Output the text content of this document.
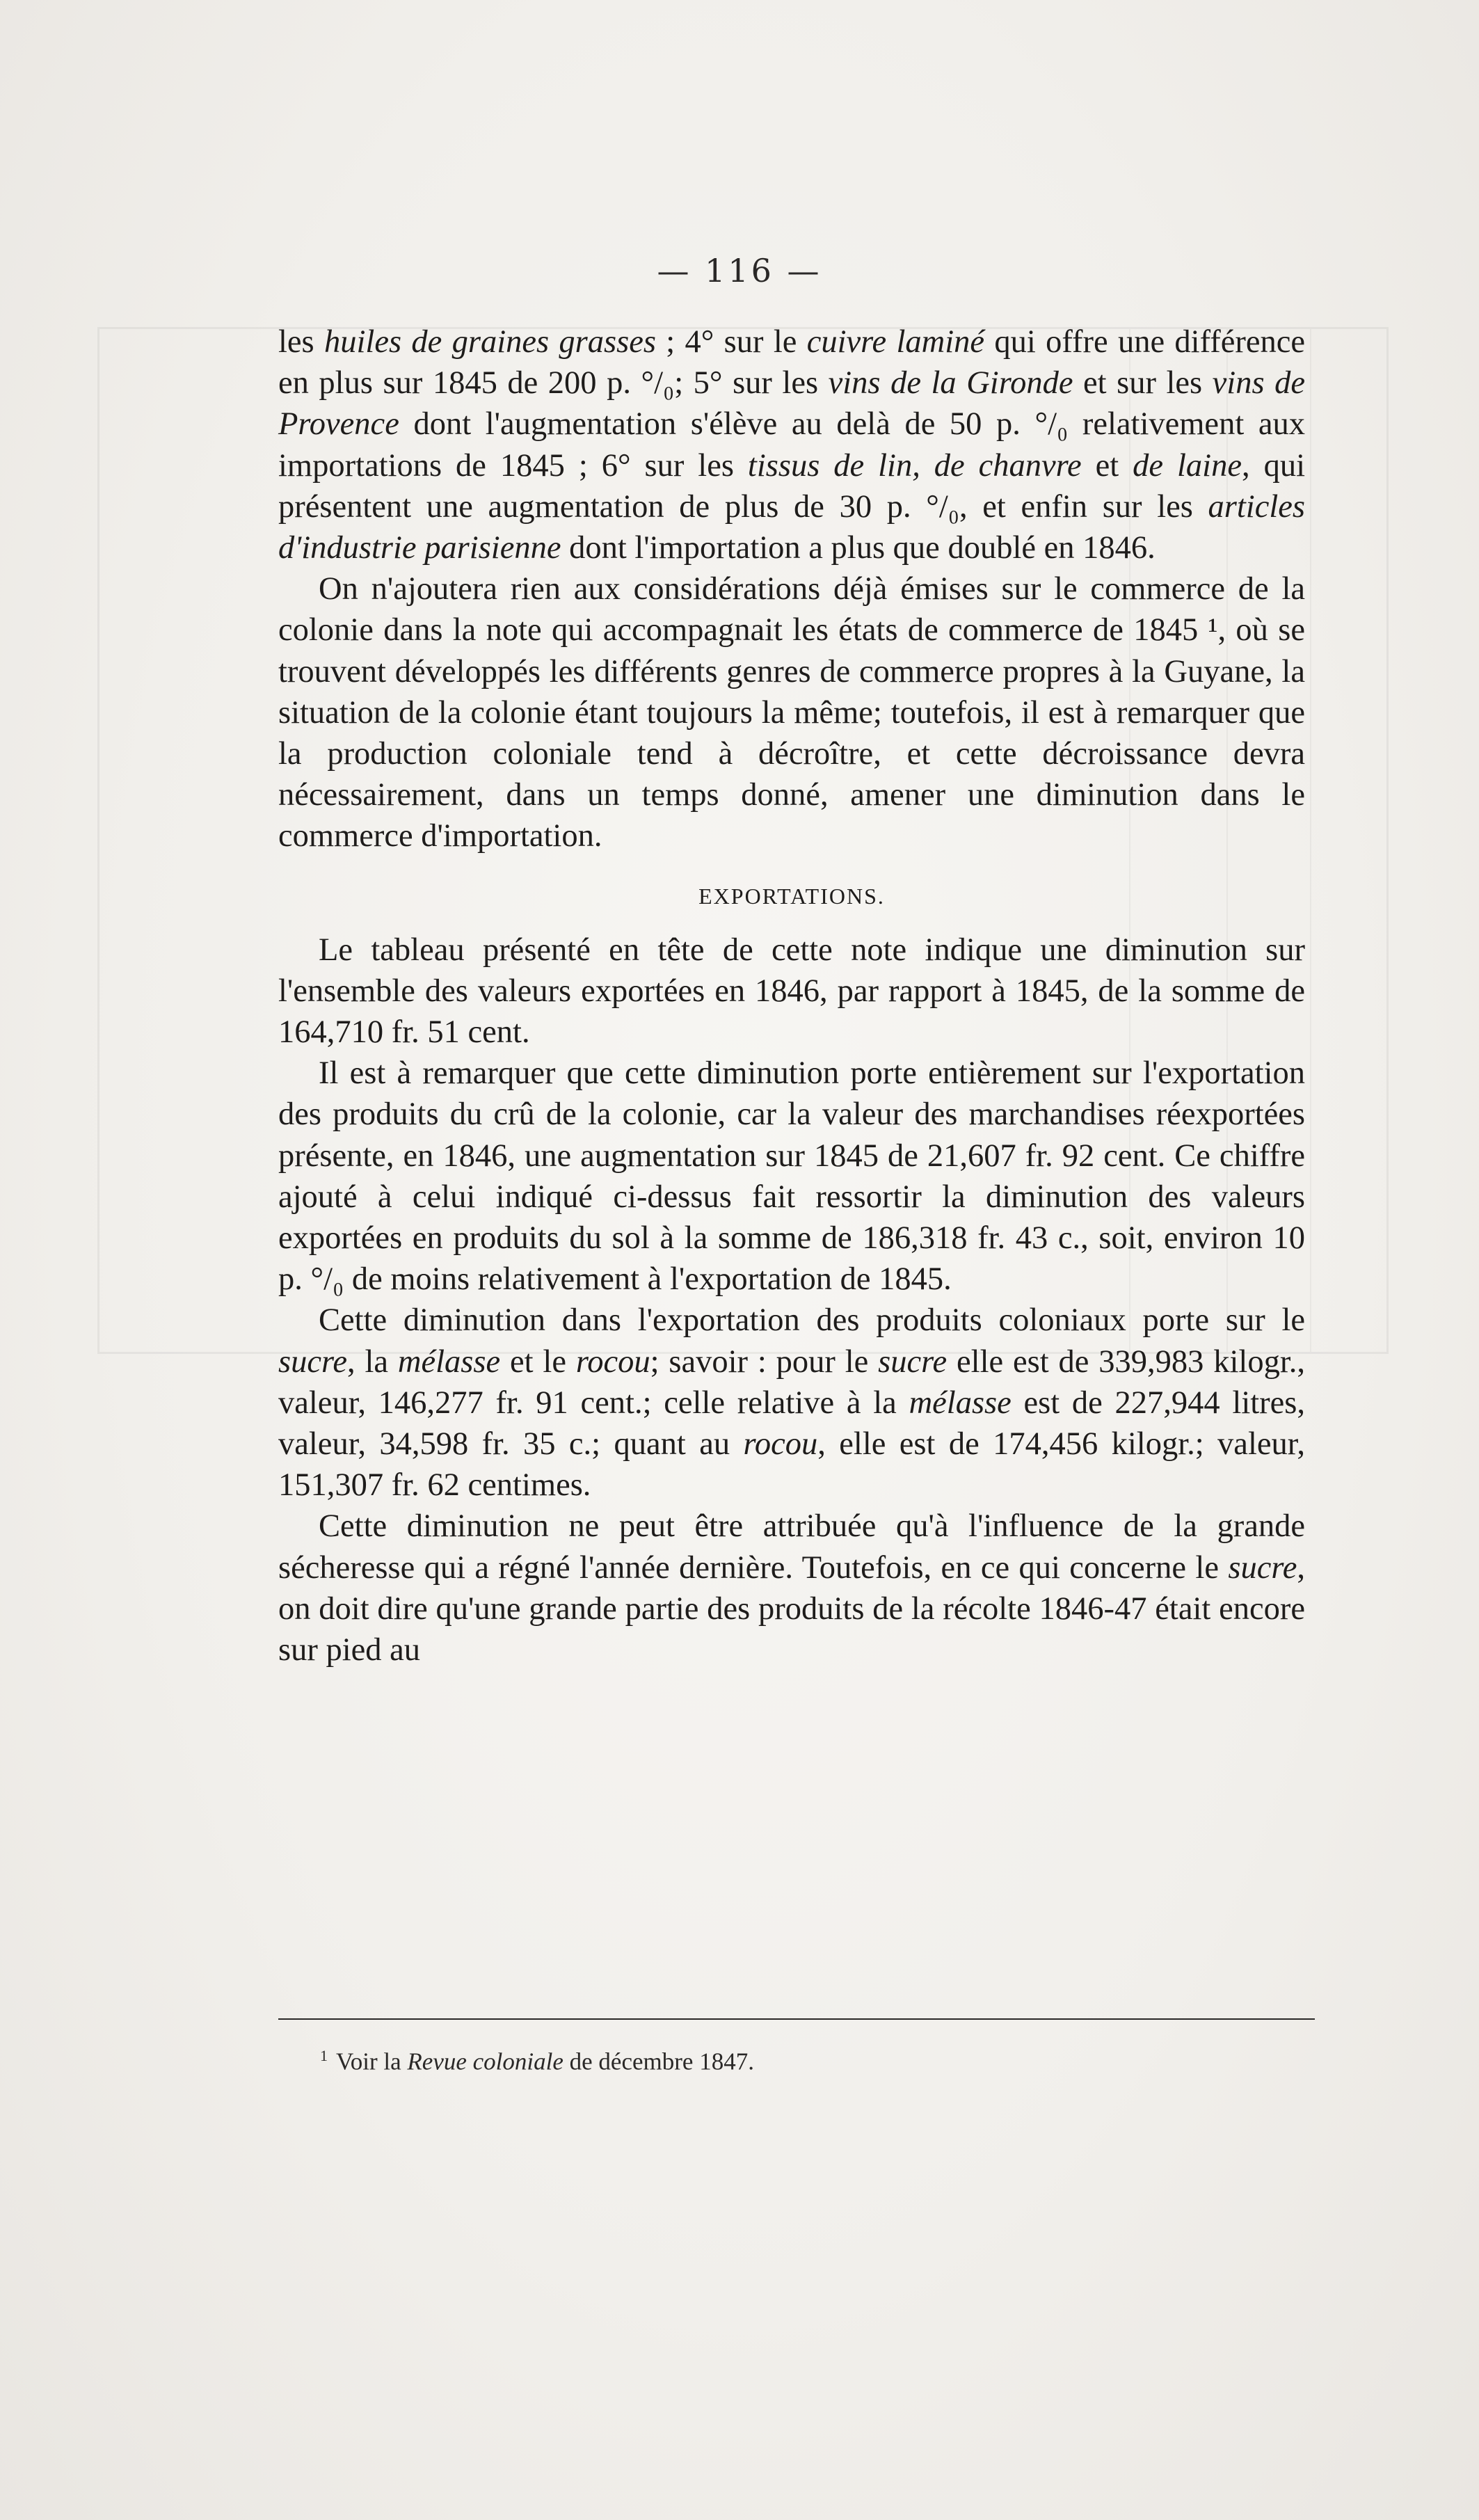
— 116 —

les huiles de graines grasses ; 4° sur le cuivre laminé qui offre une différence en plus sur 1845 de 200 p. °/₀; 5° sur les vins de la Gironde et sur les vins de Provence dont l'augmentation s'élève au delà de 50 p. °/₀ relativement aux importations de 1845 ; 6° sur les tissus de lin, de chanvre et de laine, qui présentent une augmentation de plus de 30 p. °/₀, et enfin sur les articles d'industrie parisienne dont l'importation a plus que doublé en 1846.

On n'ajoutera rien aux considérations déjà émises sur le commerce de la colonie dans la note qui accompagnait les états de commerce de 1845 ¹, où se trouvent développés les différents genres de commerce propres à la Guyane, la situation de la colonie étant toujours la même; toutefois, il est à remarquer que la production coloniale tend à décroître, et cette décroissance devra nécessairement, dans un temps donné, amener une diminution dans le commerce d'importation.

EXPORTATIONS.

Le tableau présenté en tête de cette note indique une diminution sur l'ensemble des valeurs exportées en 1846, par rapport à 1845, de la somme de 164,710 fr. 51 cent.

Il est à remarquer que cette diminution porte entièrement sur l'exportation des produits du crû de la colonie, car la valeur des marchandises réexportées présente, en 1846, une augmentation sur 1845 de 21,607 fr. 92 cent. Ce chiffre ajouté à celui indiqué ci-dessus fait ressortir la diminution des valeurs exportées en produits du sol à la somme de 186,318 fr. 43 c., soit, environ 10 p. °/₀ de moins relativement à l'exportation de 1845.

Cette diminution dans l'exportation des produits coloniaux porte sur le sucre, la mélasse et le rocou; savoir : pour le sucre elle est de 339,983 kilogr., valeur, 146,277 fr. 91 cent.; celle relative à la mélasse est de 227,944 litres, valeur, 34,598 fr. 35 c.; quant au rocou, elle est de 174,456 kilogr.; valeur, 151,307 fr. 62 centimes.

Cette diminution ne peut être attribuée qu'à l'influence de la grande sécheresse qui a régné l'année dernière. Toutefois, en ce qui concerne le sucre, on doit dire qu'une grande partie des produits de la récolte 1846-47 était encore sur pied au

$^1$ Voir la Revue coloniale de décembre 1847.
